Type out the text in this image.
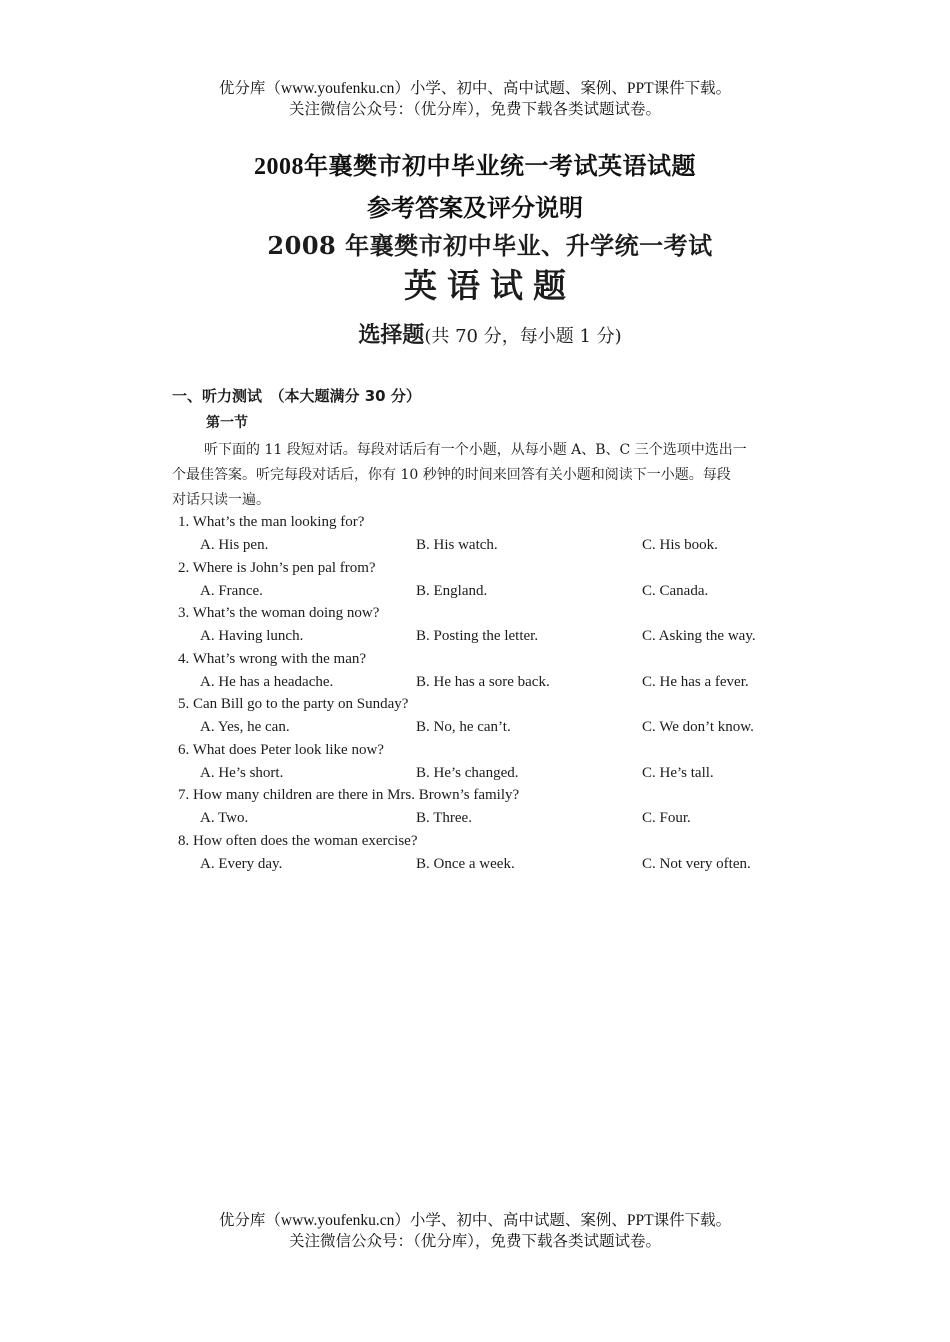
优分库（www.youfenku.cn）小学、初中、高中试题、案例、PPT课件下载。
关注微信公众号：（优分库），免费下载各类试题试卷。
2008年襄樊市初中毕业统一考试英语试题
参考答案及评分说明
2008 年襄樊市初中毕业、升学统一考试
英语试题
选择题(共 70 分，每小题 1 分)
一、听力测试　（本大题满分 30 分）
第一节
听下面的 11 段短对话。每段对话后有一个小题，从每小题 A、B、C 三个选项中选出一
个最佳答案。听完每段对话后，你有 10 秒钟的时间来回答有关小题和阅读下一小题。每段
对话只读一遍。
1. What’s the man looking for?
A. His pen.	B. His watch.	C. His book.
2. Where is John’s pen pal from?
A. France.	B. England.	C. Canada.
3. What’s the woman doing now?
A. Having lunch.	B. Posting the letter.	C. Asking the way.
4. What’s wrong with the man?
A. He has a headache.	B. He has a sore back.	C. He has a fever.
5. Can Bill go to the party on Sunday?
A. Yes, he can.	B. No, he can’t.	C. We don’t know.
6. What does Peter look like now?
A. He’s short.	B. He’s changed.	C. He’s tall.
7. How many children are there in Mrs. Brown’s family?
A. Two.	B. Three.	C. Four.
8. How often does the woman exercise?
A. Every day.	B. Once a week.	C. Not very often.
优分库（www.youfenku.cn）小学、初中、高中试题、案例、PPT课件下载。
关注微信公众号：（优分库），免费下载各类试题试卷。
